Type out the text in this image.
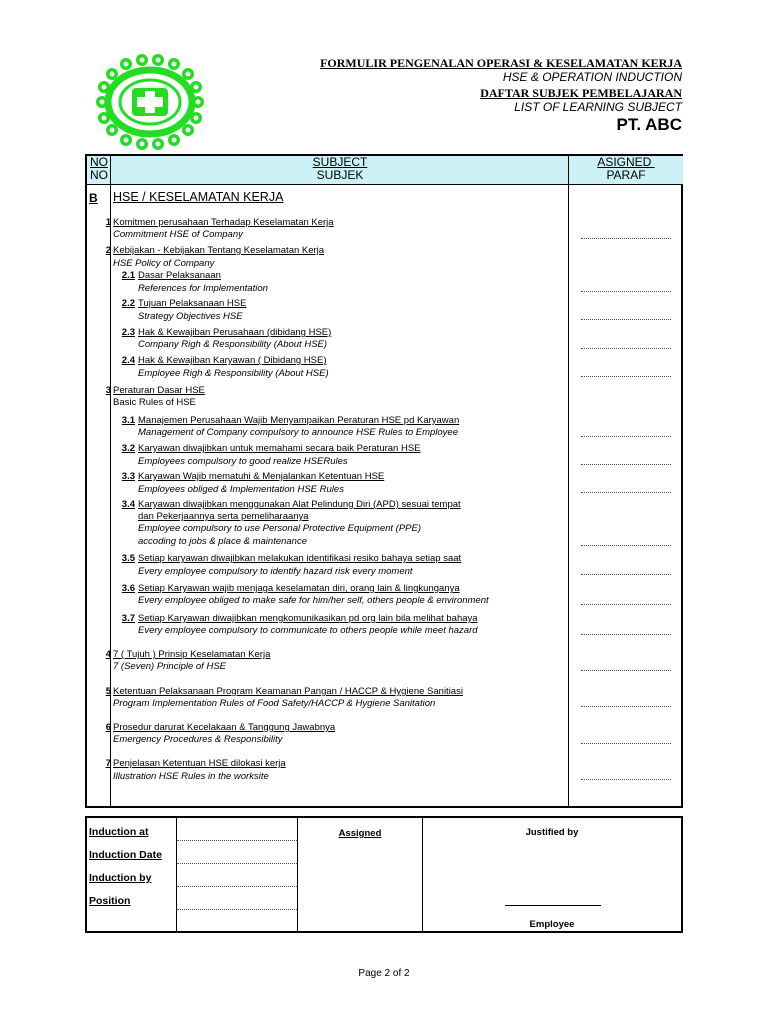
FORMULIR PENGENALAN OPERASI & KESELAMATAN KERJA
HSE & OPERATION INDUCTION
DAFTAR SUBJEK PEMBELAJARAN
LIST OF LEARNING SUBJECT
PT. ABC
NO
NO
SUBJECT
SUBJEK
ASIGNED
PARAF
B HSE / KESELAMATAN KERJA
1 Komitmen perusahaan Terhadap Keselamatan Kerja
Commitment HSE of Company
2 Kebijakan - Kebijakan Tentang Keselamatan Kerja
HSE Policy of Company
2.1 Dasar Pelaksanaan
References for Implementation
2.2 Tujuan Pelaksanaan HSE
Strategy Objectives HSE
2.3 Hak & Kewajiban Perusahaan (dibidang HSE)
Company Righ & Responsibility (About HSE)
2.4 Hak & Kewajiban Karyawan ( Dibidang HSE)
Employee Righ & Responsibility (About HSE)
3 Peraturan Dasar HSE
Basic Rules of HSE
3.1 Manajemen Perusahaan Wajib Menyampaikan Peraturan HSE pd Karyawan
Management of Company compulsory to announce HSE Rules to Employee
3.2 Karyawan diwajibkan untuk memahami secara baik Peraturan HSE
Employees compulsory to good realize HSERules
3.3 Karyawan Wajib mematuhi & Menjalankan Ketentuan HSE
Employees obliged & Implementation HSE Rules
3.4 Karyawan diwajibkan menggunakan Alat Pelindung Diri (APD) sesuai tempat
dan Pekerjaannya serta pemeliharaanya
Employee compulsory to use Personal Protective Equipment (PPE)
accoding to jobs & place & maintenance
3.5 Setiap karyawan diwajibkan melakukan identifikasi resiko bahaya setiap saat
Every employee compulsory to identify hazard risk every moment
3.6 Setiap Karyawan wajib menjaga keselamatan diri, orang lain & lingkunganya
Every employee obliged to make safe for him/her self, others people & environment
3.7 Setiap Karyawan diwajibkan mengkomunikasikan pd org lain bila melihat bahaya
Every employee compulsory to communicate to others people while meet hazard
4 7 ( Tujuh ) Prinsip Keselamatan Kerja
7 (Seven) Principle of HSE
5 Ketentuan Pelaksanaan Program Keamanan Pangan / HACCP & Hygiene Sanitiasi
Program Implementation Rules of Food Safety/HACCP & Hygiene Sanitation
6 Prosedur darurat Kecelakaan & Tanggung Jawabnya
Emergency Procedures & Responsibility
7 Penjelasan Ketentuan HSE dilokasi kerja
Illustration HSE Rules in the worksite
Induction at
Induction Date
Induction by
Position
Assigned	Justified by
Employee
Page 2 of 2
